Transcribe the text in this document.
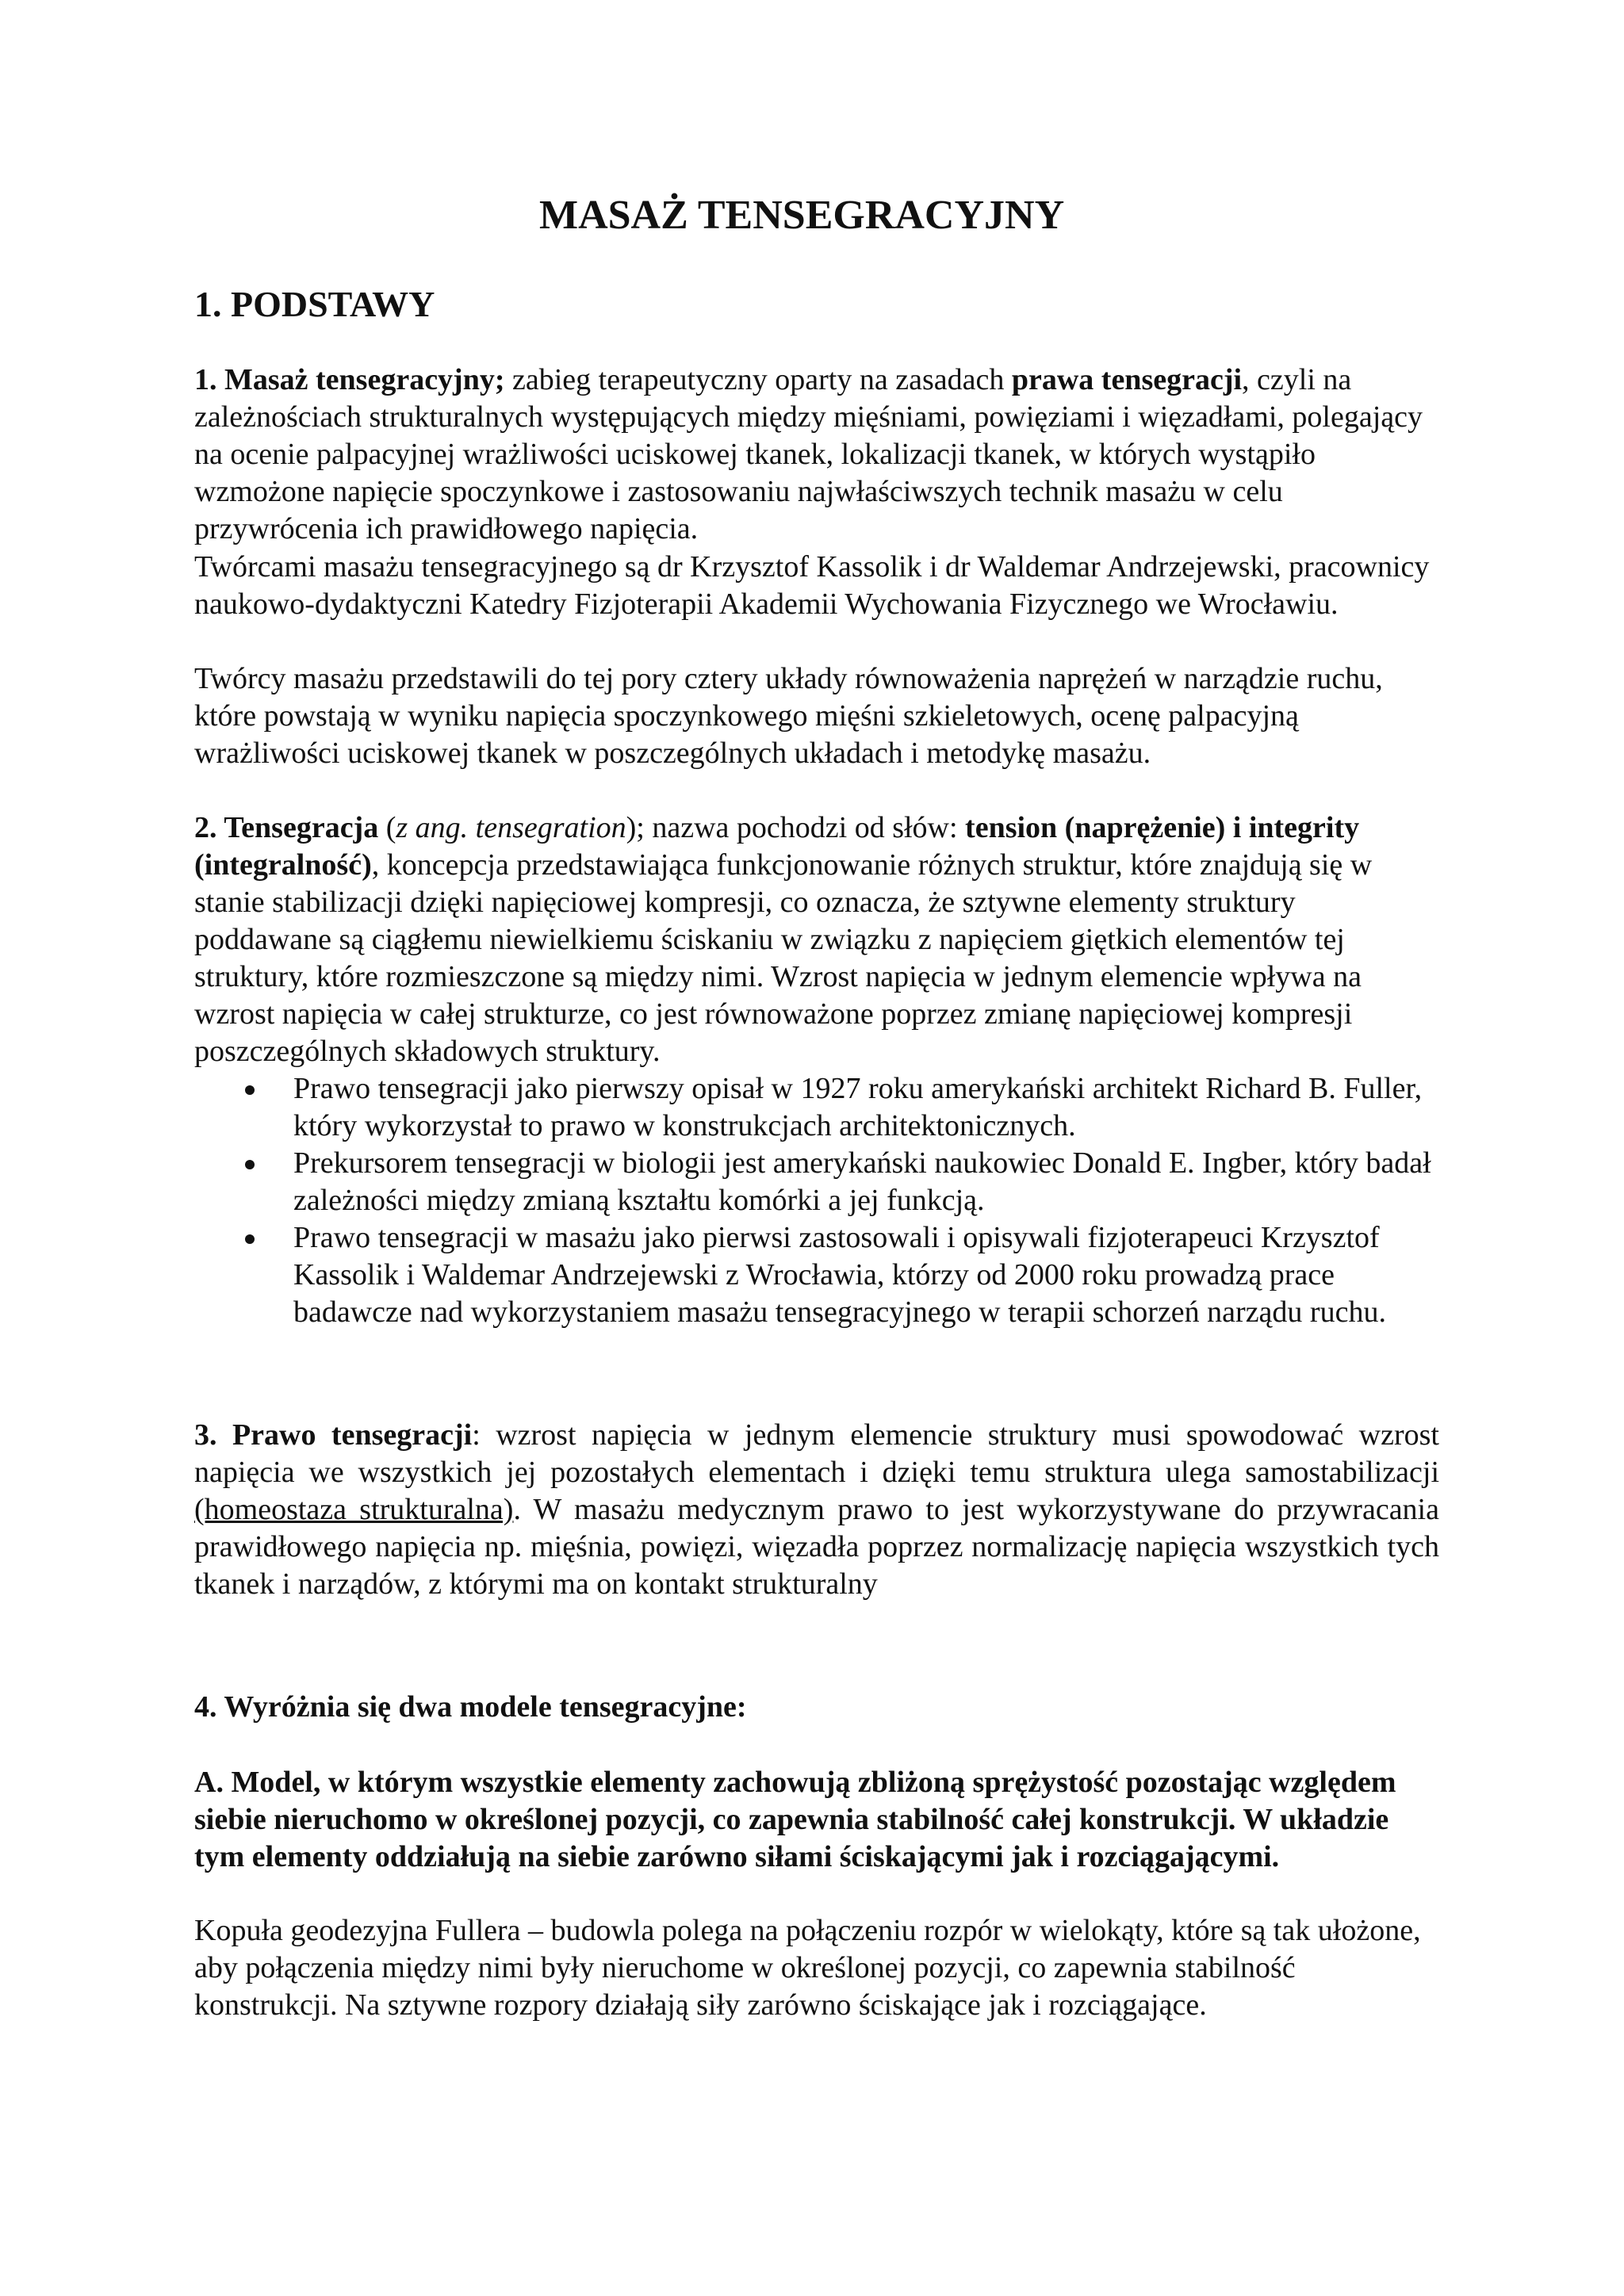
MASAŻ TENSEGRACYJNY
1. PODSTAWY

1. Masaż tensegracyjny; zabieg terapeutyczny oparty na zasadach prawa tensegracji, czyli na zależnościach strukturalnych występujących między mięśniami, powięziami i więzadłami, polegający na ocenie palpacyjnej wrażliwości uciskowej tkanek, lokalizacji tkanek, w których wystąpiło wzmożone napięcie spoczynkowe i zastosowaniu najwłaściwszych technik masażu w celu przywrócenia ich prawidłowego napięcia.

Twórcami masażu tensegracyjnego są dr Krzysztof Kassolik i dr Waldemar Andrzejewski, pracownicy naukowo-dydaktyczni Katedry Fizjoterapii Akademii Wychowania Fizycznego we Wrocławiu.

Twórcy masażu przedstawili do tej pory cztery układy równoważenia naprężeń w narządzie ruchu, które powstają w wyniku napięcia spoczynkowego mięśni szkieletowych, ocenę palpacyjną wrażliwości uciskowej tkanek w poszczególnych układach i metodykę masażu.

2. Tensegracja (z ang. tensegration); nazwa pochodzi od słów: tension (naprężenie) i integrity (integralność), koncepcja przedstawiająca funkcjonowanie różnych struktur, które znajdują się w stanie stabilizacji dzięki napięciowej kompresji, co oznacza, że sztywne elementy struktury poddawane są ciągłemu niewielkiemu ściskaniu w związku z napięciem giętkich elementów tej struktury, które rozmieszczone są między nimi. Wzrost napięcia w jednym elemencie wpływa na wzrost napięcia w całej strukturze, co jest równoważone poprzez zmianę napięciowej kompresji poszczególnych składowych struktury.

Prawo tensegracji jako pierwszy opisał w 1927 roku amerykański architekt Richard B. Fuller, który wykorzystał to prawo w konstrukcjach architektonicznych.
Prekursorem tensegracji w biologii jest amerykański naukowiec Donald E. Ingber, który badał zależności między zmianą kształtu komórki a jej funkcją.
Prawo tensegracji w masażu jako pierwsi zastosowali i opisywali fizjoterapeuci Krzysztof Kassolik i Waldemar Andrzejewski z Wrocławia, którzy od 2000 roku prowadzą prace badawcze nad wykorzystaniem masażu tensegracyjnego w terapii schorzeń narządu ruchu.

3. Prawo tensegracji: wzrost napięcia w jednym elemencie struktury musi spowodować wzrost napięcia we wszystkich jej pozostałych elementach i dzięki temu struktura ulega samostabilizacji (homeostaza strukturalna). W masażu medycznym prawo to jest wykorzystywane do przywracania prawidłowego napięcia np. mięśnia, powięzi, więzadła poprzez normalizację napięcia wszystkich tych tkanek i narządów, z którymi ma on kontakt strukturalny

4. Wyróżnia się dwa modele tensegracyjne:

A. Model, w którym wszystkie elementy zachowują zbliżoną sprężystość pozostając względem siebie nieruchomo w określonej pozycji, co zapewnia stabilność całej konstrukcji. W układzie tym elementy oddziałują na siebie zarówno siłami ściskającymi jak i rozciągającymi.

Kopuła geodezyjna Fullera – budowla polega na połączeniu rozpór w wielokąty, które są tak ułożone, aby połączenia między nimi były nieruchome w określonej pozycji, co zapewnia stabilność konstrukcji. Na sztywne rozpory działają siły zarówno ściskające jak i rozciągające.
